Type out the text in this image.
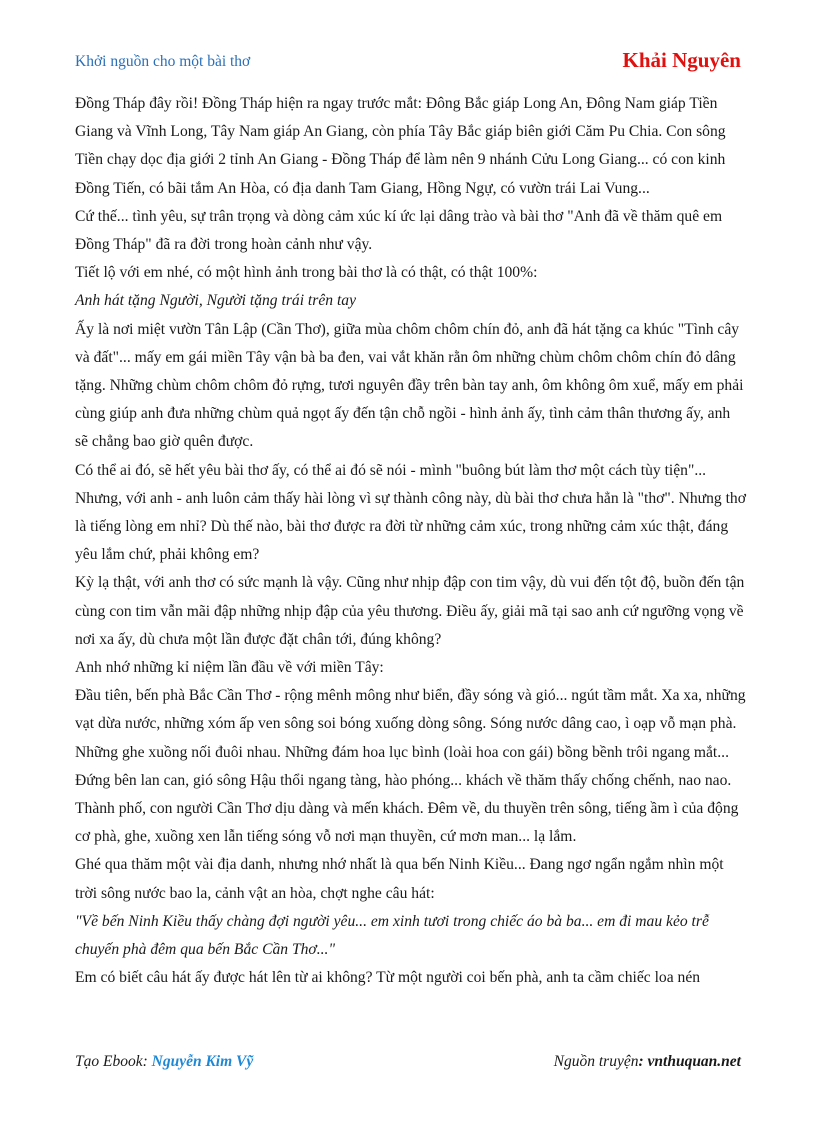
Khởi nguồn cho một bài thơ	Khải Nguyên

Đồng Tháp đây rồi! Đồng Tháp hiện ra ngay trước mắt: Đông Bắc giáp Long An, Đông Nam giáp Tiền Giang và Vĩnh Long, Tây Nam giáp An Giang, còn phía Tây Bắc giáp biên giới Căm Pu Chia. Con sông Tiền chạy dọc địa giới 2 tỉnh An Giang - Đồng Tháp để làm nên 9 nhánh Cửu Long Giang... có con kinh Đồng Tiến, có bãi tắm An Hòa, có địa danh Tam Giang, Hồng Ngự, có vườn trái Lai Vung...

Cứ thế... tình yêu, sự trân trọng và dòng cảm xúc kí ức lại dâng trào và bài thơ "Anh đã về thăm quê em Đồng Tháp" đã ra đời trong hoàn cảnh như vậy.

Tiết lộ với em nhé, có một hình ảnh trong bài thơ là có thật, có thật 100%:

Anh hát tặng Người, Người tặng trái trên tay

Ấy là nơi miệt vườn Tân Lập (Cần Thơ), giữa mùa chôm chôm chín đỏ, anh đã hát tặng ca khúc "Tình cây và đất"... mấy em gái miền Tây vận bà ba đen, vai vắt khăn rằn ôm những chùm chôm chôm chín đỏ dâng tặng. Những chùm chôm chôm đỏ rựng, tươi nguyên đầy trên bàn tay anh, ôm không ôm xuể, mấy em phải cùng giúp anh đưa những chùm quả ngọt ấy đến tận chỗ ngồi - hình ảnh ấy, tình cảm thân thương ấy, anh sẽ chẳng bao giờ quên được.

Có thể ai đó, sẽ hết yêu bài thơ ấy, có thể ai đó sẽ nói - mình "buông bút làm thơ một cách tùy tiện"... Nhưng, với anh - anh luôn cảm thấy hài lòng vì sự thành công này, dù bài thơ chưa hẳn là "thơ". Nhưng thơ là tiếng lòng em nhỉ? Dù thế nào, bài thơ được ra đời từ những cảm xúc, trong những cảm xúc thật, đáng yêu lắm chứ, phải không em?

Kỳ lạ thật, với anh thơ có sức mạnh là vậy. Cũng như nhịp đập con tim vậy, dù vui đến tột độ, buồn đến tận cùng con tim vẫn mãi đập những nhịp đập của yêu thương. Điều ấy, giải mã tại sao anh cứ ngưỡng vọng về nơi xa ấy, dù chưa một lần được đặt chân tới, đúng không?

Anh nhớ những kỉ niệm lần đầu về với miền Tây:

Đầu tiên, bến phà Bắc Cần Thơ - rộng mênh mông như biển, đầy sóng và gió... ngút tầm mắt. Xa xa, những vạt dừa nước, những xóm ấp ven sông soi bóng xuống dòng sông. Sóng nước dâng cao, ì oạp vỗ mạn phà. Những ghe xuồng nối đuôi nhau. Những đám hoa lục bình (loài hoa con gái) bồng bềnh trôi ngang mắt... Đứng bên lan can, gió sông Hậu thổi ngang tàng, hào phóng... khách về thăm thấy chống chếnh, nao nao.

Thành phố, con người Cần Thơ dịu dàng và mến khách. Đêm về, du thuyền trên sông, tiếng ầm ì của động cơ phà, ghe, xuồng xen lẫn tiếng sóng vỗ nơi mạn thuyền, cứ mơn man... lạ lắm.

Ghé qua thăm một vài địa danh, nhưng nhớ nhất là qua bến Ninh Kiều... Đang ngơ ngẩn ngắm nhìn một trời sông nước bao la, cảnh vật an hòa, chợt nghe câu hát:

"Về bến Ninh Kiều thấy chàng đợi người yêu... em xinh tươi trong chiếc áo bà ba... em đi mau kẻo trễ chuyến phà đêm qua bến Bắc Cần Thơ..."

Em có biết câu hát ấy được hát lên từ ai không? Từ một người coi bến phà, anh ta cầm chiếc loa nén

Tạo Ebook: Nguyễn Kim Vỹ	Nguồn truyện: vnthuquan.net
